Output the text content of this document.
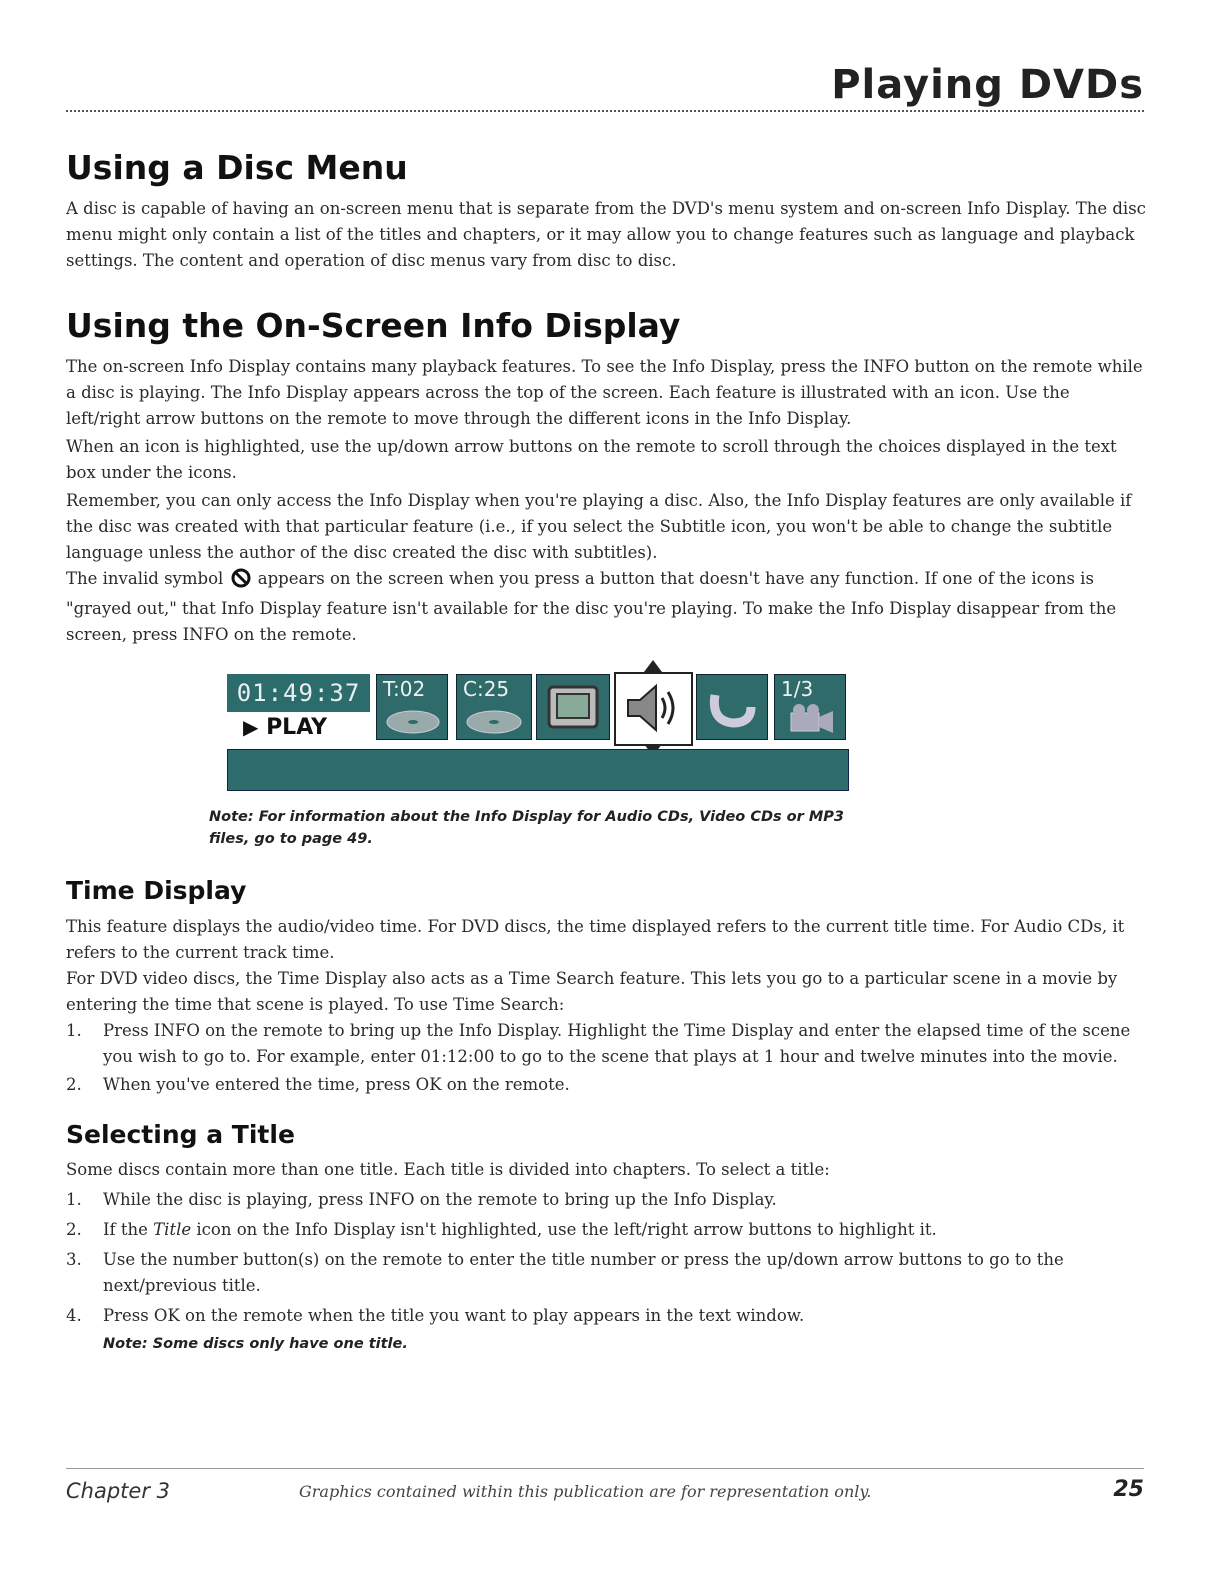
Playing DVDs
Using a Disc Menu

A disc is capable of having an on-screen menu that is separate from the DVD's menu system and on-screen Info Display. The disc menu might only contain a list of the titles and chapters, or it may allow you to change features such as language and playback settings. The content and operation of disc menus vary from disc to disc.

Using the On-Screen Info Display

The on-screen Info Display contains many playback features. To see the Info Display, press the INFO button on the remote while a disc is playing. The Info Display appears across the top of the screen. Each feature is illustrated with an icon. Use the left/right arrow buttons on the remote to move through the different icons in the Info Display.

When an icon is highlighted, use the up/down arrow buttons on the remote to scroll through the choices displayed in the text box under the icons.

Remember, you can only access the Info Display when you're playing a disc. Also, the Info Display features are only available if the disc was created with that particular feature (i.e., if you select the Subtitle icon, you won't be able to change the subtitle language unless the author of the disc created the disc with subtitles).

The invalid symbol appears on the screen when you press a button that doesn't have any function. If one of the icons is "grayed out," that Info Display feature isn't available for the disc you're playing. To make the Info Display disappear from the screen, press INFO on the remote.

01:49:37
▶ PLAY
T:02 C:25	1/3
Note: For information about the Info Display for Audio CDs, Video CDs or MP3 files, go to page 49.
Time Display

This feature displays the audio/video time. For DVD discs, the time displayed refers to the current title time. For Audio CDs, it refers to the current track time.

For DVD video discs, the Time Display also acts as a Time Search feature. This lets you go to a particular scene in a movie by entering the time that scene is played. To use Time Search:

1. Press INFO on the remote to bring up the Info Display. Highlight the Time Display and enter the elapsed time of the scene you wish to go to. For example, enter 01:12:00 to go to the scene that plays at 1 hour and twelve minutes into the movie.
2. When you've entered the time, press OK on the remote.
Selecting a Title

Some discs contain more than one title. Each title is divided into chapters. To select a title:

1. While the disc is playing, press INFO on the remote to bring up the Info Display.
2. If the Title icon on the Info Display isn't highlighted, use the left/right arrow buttons to highlight it.
3. Use the number button(s) on the remote to enter the title number or press the up/down arrow buttons to go to the next/previous title.
4. Press OK on the remote when the title you want to play appears in the text window.
Note: Some discs only have one title.
Chapter 3	Graphics contained within this publication are for representation only.	25
